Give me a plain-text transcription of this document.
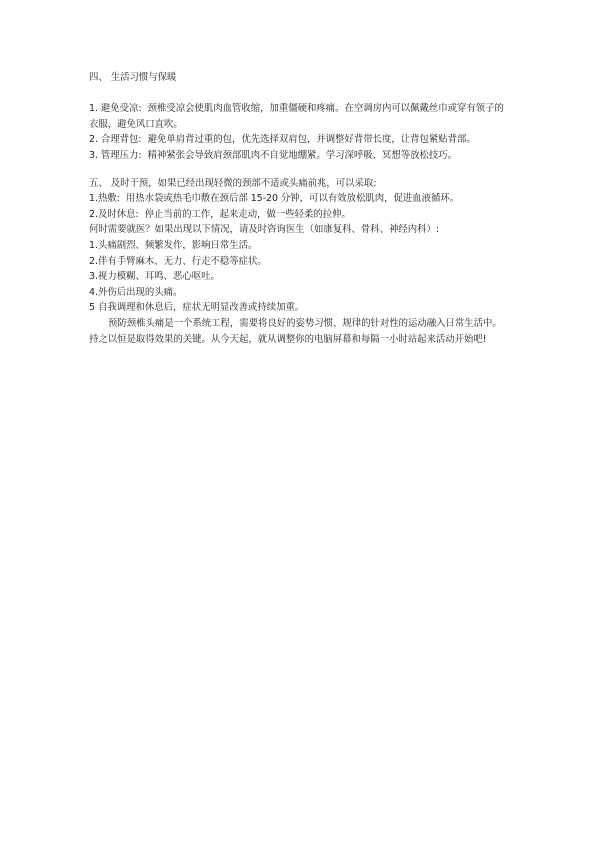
四、 生活习惯与保暖

1. 避免受凉: 颈椎受凉会使肌肉血管收缩，加重僵硬和疼痛。在空调房内可以佩戴丝巾或穿有领子的衣服，避免风口直吹。

2. 合理背包: 避免单肩背过重的包，优先选择双肩包，并调整好背带长度，让背包紧贴背部。

3. 管理压力: 精神紧张会导致肩颈部肌肉不自觉地绷紧。学习深呼吸、冥想等放松技巧。

五、 及时干预，如果已经出现轻微的颈部不适或头痛前兆，可以采取:

1.热敷: 用热水袋或热毛巾敷在颈后部 15-20 分钟，可以有效放松肌肉，促进血液循环。

2.及时休息: 停止当前的工作，起来走动，做一些轻柔的拉伸。

何时需要就医？如果出现以下情况，请及时咨询医生（如康复科、骨科、神经内科）:

1.头痛剧烈、频繁发作，影响日常生活。

2.伴有手臂麻木、无力、行走不稳等症状。

3.视力模糊、耳鸣、恶心呕吐。

4.外伤后出现的头痛。

5 自我调理和休息后，症状无明显改善或持续加重。

预防颈椎头痛是一个系统工程，需要将良好的姿势习惯、规律的针对性的运动融入日常生活中。持之以恒是取得效果的关键。从今天起，就从调整你的电脑屏幕和每隔一小时站起来活动开始吧!
